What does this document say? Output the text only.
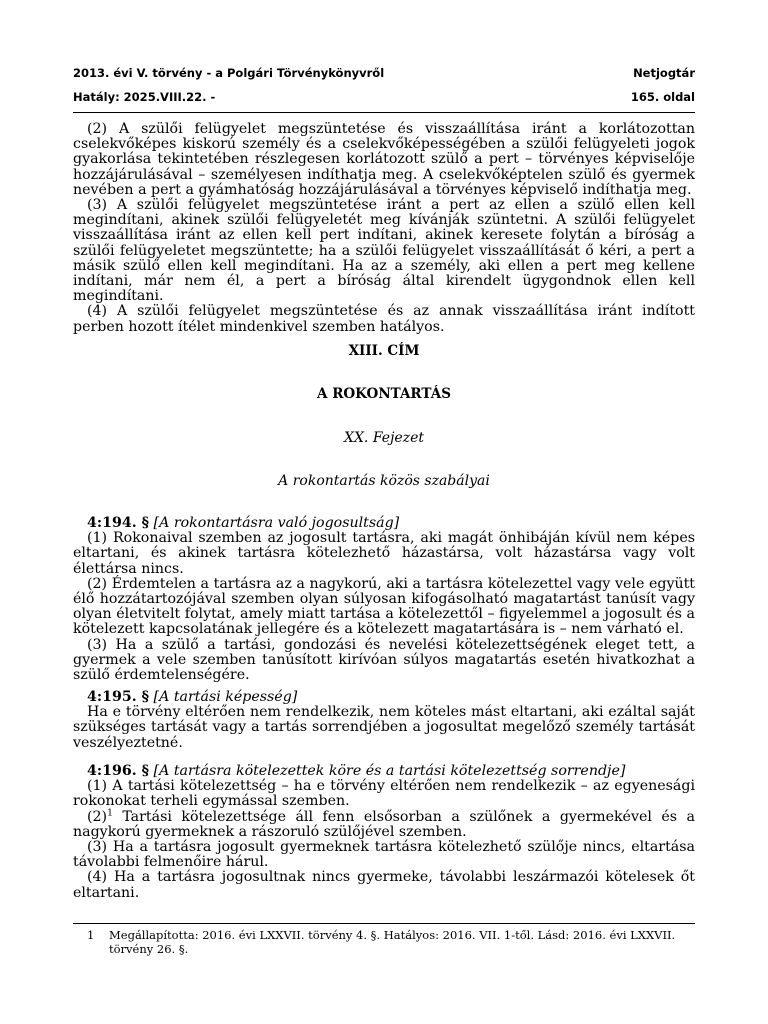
2013. évi V. törvény - a Polgári Törvénykönyvről	Netjogtár
Hatály: 2025.VIII.22. -	165. oldal

(2) A szülői felügyelet megszüntetése és visszaállítása iránt a korlátozottan cselekvőképes kiskorú személy és a cselekvőképességében a szülői felügyeleti jogok gyakorlása tekintetében részlegesen korlátozott szülő a pert – törvényes képviselője hozzájárulásával – személyesen indíthatja meg. A cselekvőképtelen szülő és gyermek nevében a pert a gyámhatóság hozzájárulásával a törvényes képviselő indíthatja meg.

(3) A szülői felügyelet megszüntetése iránt a pert az ellen a szülő ellen kell megindítani, akinek szülői felügyeletét meg kívánják szüntetni. A szülői felügyelet visszaállítása iránt az ellen kell pert indítani, akinek keresete folytán a bíróság a szülői felügyeletet megszüntette; ha a szülői felügyelet visszaállítását ő kéri, a pert a másik szülő ellen kell megindítani. Ha az a személy, aki ellen a pert meg kellene indítani, már nem él, a pert a bíróság által kirendelt ügygondnok ellen kell megindítani.

(4) A szülői felügyelet megszüntetése és az annak visszaállítása iránt indított perben hozott ítélet mindenkivel szemben hatályos.

XIII. CÍM
A ROKONTARTÁS
XX. Fejezet
A rokontartás közös szabályai

4:194. § [A rokontartásra való jogosultság]

(1) Rokonaival szemben az jogosult tartásra, aki magát önhibáján kívül nem képes eltartani, és akinek tartásra kötelezhető házastársa, volt házastársa vagy volt élettársa nincs.

(2) Érdemtelen a tartásra az a nagykorú, aki a tartásra kötelezettel vagy vele együtt élő hozzátartozójával szemben olyan súlyosan kifogásolható magatartást tanúsít vagy olyan életvitelt folytat, amely miatt tartása a kötelezettől – figyelemmel a jogosult és a kötelezett kapcsolatának jellegére és a kötelezett magatartására is – nem várható el.

(3) Ha a szülő a tartási, gondozási és nevelési kötelezettségének eleget tett, a gyermek a vele szemben tanúsított kirívóan súlyos magatartás esetén hivatkozhat a szülő érdemtelenségére.

4:195. § [A tartási képesség]

Ha e törvény eltérően nem rendelkezik, nem köteles mást eltartani, aki ezáltal saját szükséges tartását vagy a tartás sorrendjében a jogosultat megelőző személy tartását veszélyeztetné.

4:196. § [A tartásra kötelezettek köre és a tartási kötelezettség sorrendje]

(1) A tartási kötelezettség – ha e törvény eltérően nem rendelkezik – az egyenesági rokonokat terheli egymással szemben.

$(2)^1$ Tartási kötelezettsége áll fenn elsősorban a szülőnek a gyermekével és a nagykorú gyermeknek a rászoruló szülőjével szemben.

(3) Ha a tartásra jogosult gyermeknek tartásra kötelezhető szülője nincs, eltartása távolabbi felmenőire hárul.

(4) Ha a tartásra jogosultnak nincs gyermeke, távolabbi leszármazói kötelesek őt eltartani.

1 Megállapította: 2016. évi LXXVII. törvény 4. §. Hatályos: 2016. VII. 1-től. Lásd: 2016. évi LXXVII. törvény 26. §.
